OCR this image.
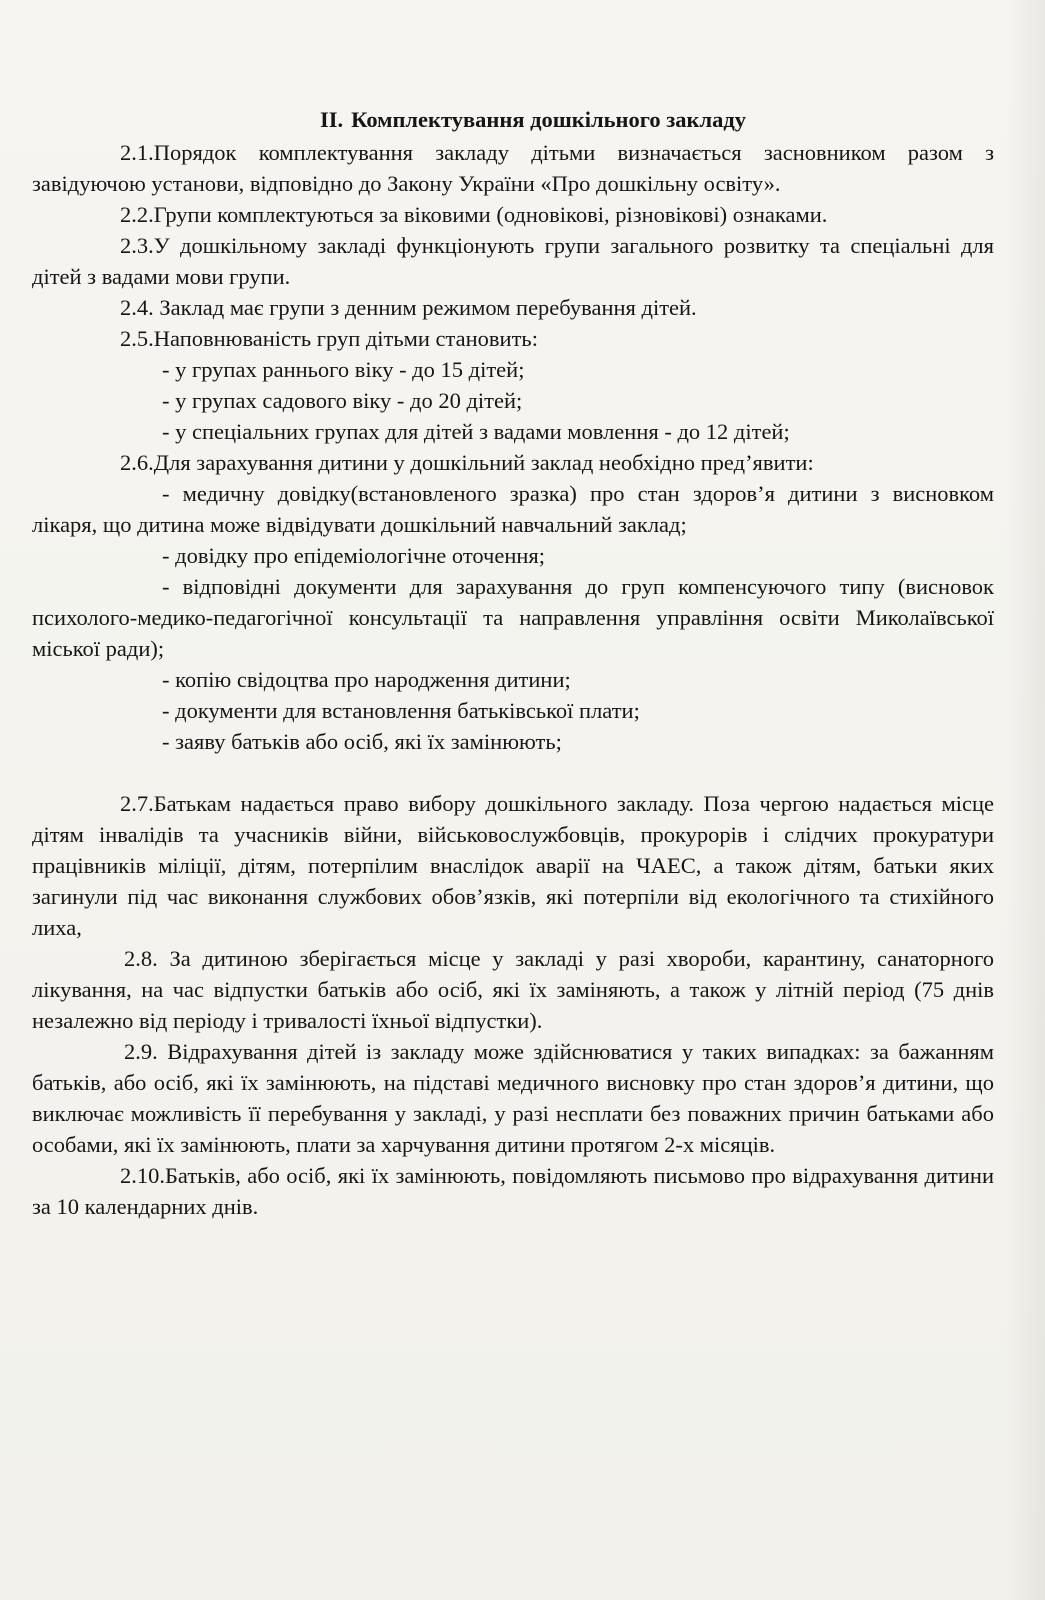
ІІ. Комплектування дошкільного закладу

2.1.Порядок комплектування закладу дітьми визначається засновником разом з завідуючою установи, відповідно до Закону України «Про дошкільну освіту».

2.2.Групи комплектуються за віковими (одновікові, різновікові) ознаками.

2.3.У дошкільному закладі функціонують групи загального розвитку та спеціальні для дітей з вадами мови групи.

2.4. Заклад має групи з денним режимом перебування дітей.

2.5.Наповнюваність груп дітьми становить:

- у групах раннього віку - до 15 дітей;

- у групах садового віку - до 20 дітей;

- у спеціальних групах для дітей з вадами мовлення - до 12 дітей;

2.6.Для зарахування дитини у дошкільний заклад необхідно пред’явити:

- медичну довідку(встановленого зразка) про стан здоров’я дитини з висновком лікаря, що дитина може відвідувати дошкільний навчальний заклад;

- довідку про епідеміологічне оточення;

- відповідні документи для зарахування до груп компенсуючого типу (висновок психолого-медико-педагогічної консультації та направлення управління освіти Миколаївської міської ради);

- копію свідоцтва про народження дитини;

- документи для встановлення батьківської плати;

- заяву батьків або осіб, які їх замінюють;

2.7.Батькам надається право вибору дошкільного закладу. Поза чергою надається місце дітям інвалідів та учасників війни, військовослужбовців, прокурорів і слідчих прокуратури працівників міліції, дітям, потерпілим внаслідок аварії на ЧАЕС, а також дітям, батьки яких загинули під час виконання службових обов’язків, які потерпіли від екологічного та стихійного лиха,

2.8. За дитиною зберігається місце у закладі у разі хвороби, карантину, санаторного лікування, на час відпустки батьків або осіб, які їх заміняють, а також у літній період (75 днів незалежно від періоду і тривалості їхньої відпустки).

2.9. Відрахування дітей із закладу може здійснюватися у таких випадках: за бажанням батьків, або осіб, які їх замінюють, на підставі медичного висновку про стан здоров’я дитини, що виключає можливість її перебування у закладі, у разі несплати без поважних причин батьками або особами, які їх замінюють, плати за харчування дитини протягом 2-х місяців.

2.10.Батьків, або осіб, які їх замінюють, повідомляють письмово про відрахування дитини за 10 календарних днів.
